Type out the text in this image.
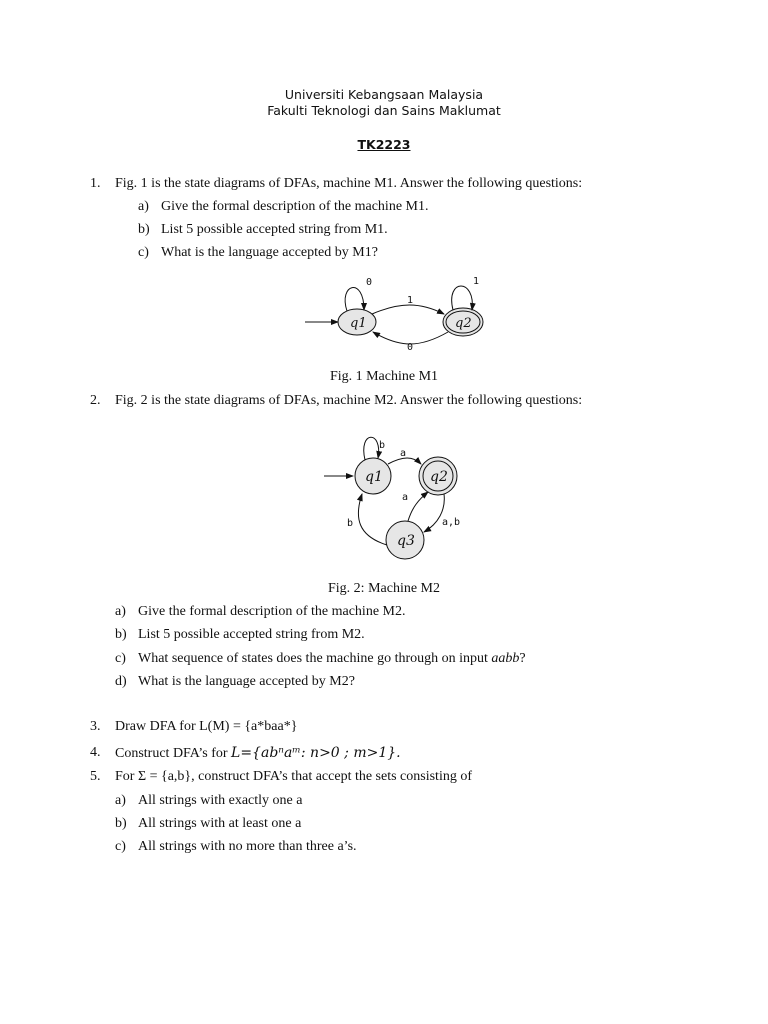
Universiti Kebangsaan Malaysia
Fakulti Teknologi dan Sains Maklumat
TK2223
1. Fig. 1 is the state diagrams of DFAs, machine M1. Answer the following questions:
a) Give the formal description of the machine M1.
b) List 5 possible accepted string from M1.
c) What is the language accepted by M1?
q1	q2
0	1
1
0
Fig. 1 Machine M1
2. Fig. 2 is the state diagrams of DFAs, machine M2. Answer the following questions:
q1	q2
q3
b
a
a
a,b
b
Fig. 2: Machine M2
a) Give the formal description of the machine M2.
b) List 5 possible accepted string from M2.
c) What sequence of states does the machine go through on input aabb?
d) What is the language accepted by M2?
3. Draw DFA for L(M) = {a*baa*}
4. Construct DFA’s for L={abⁿaᵐ: n>0 ; m>1}.
5. For Σ = {a,b}, construct DFA’s that accept the sets consisting of
a) All strings with exactly one a
b) All strings with at least one a
c) All strings with no more than three a’s.
